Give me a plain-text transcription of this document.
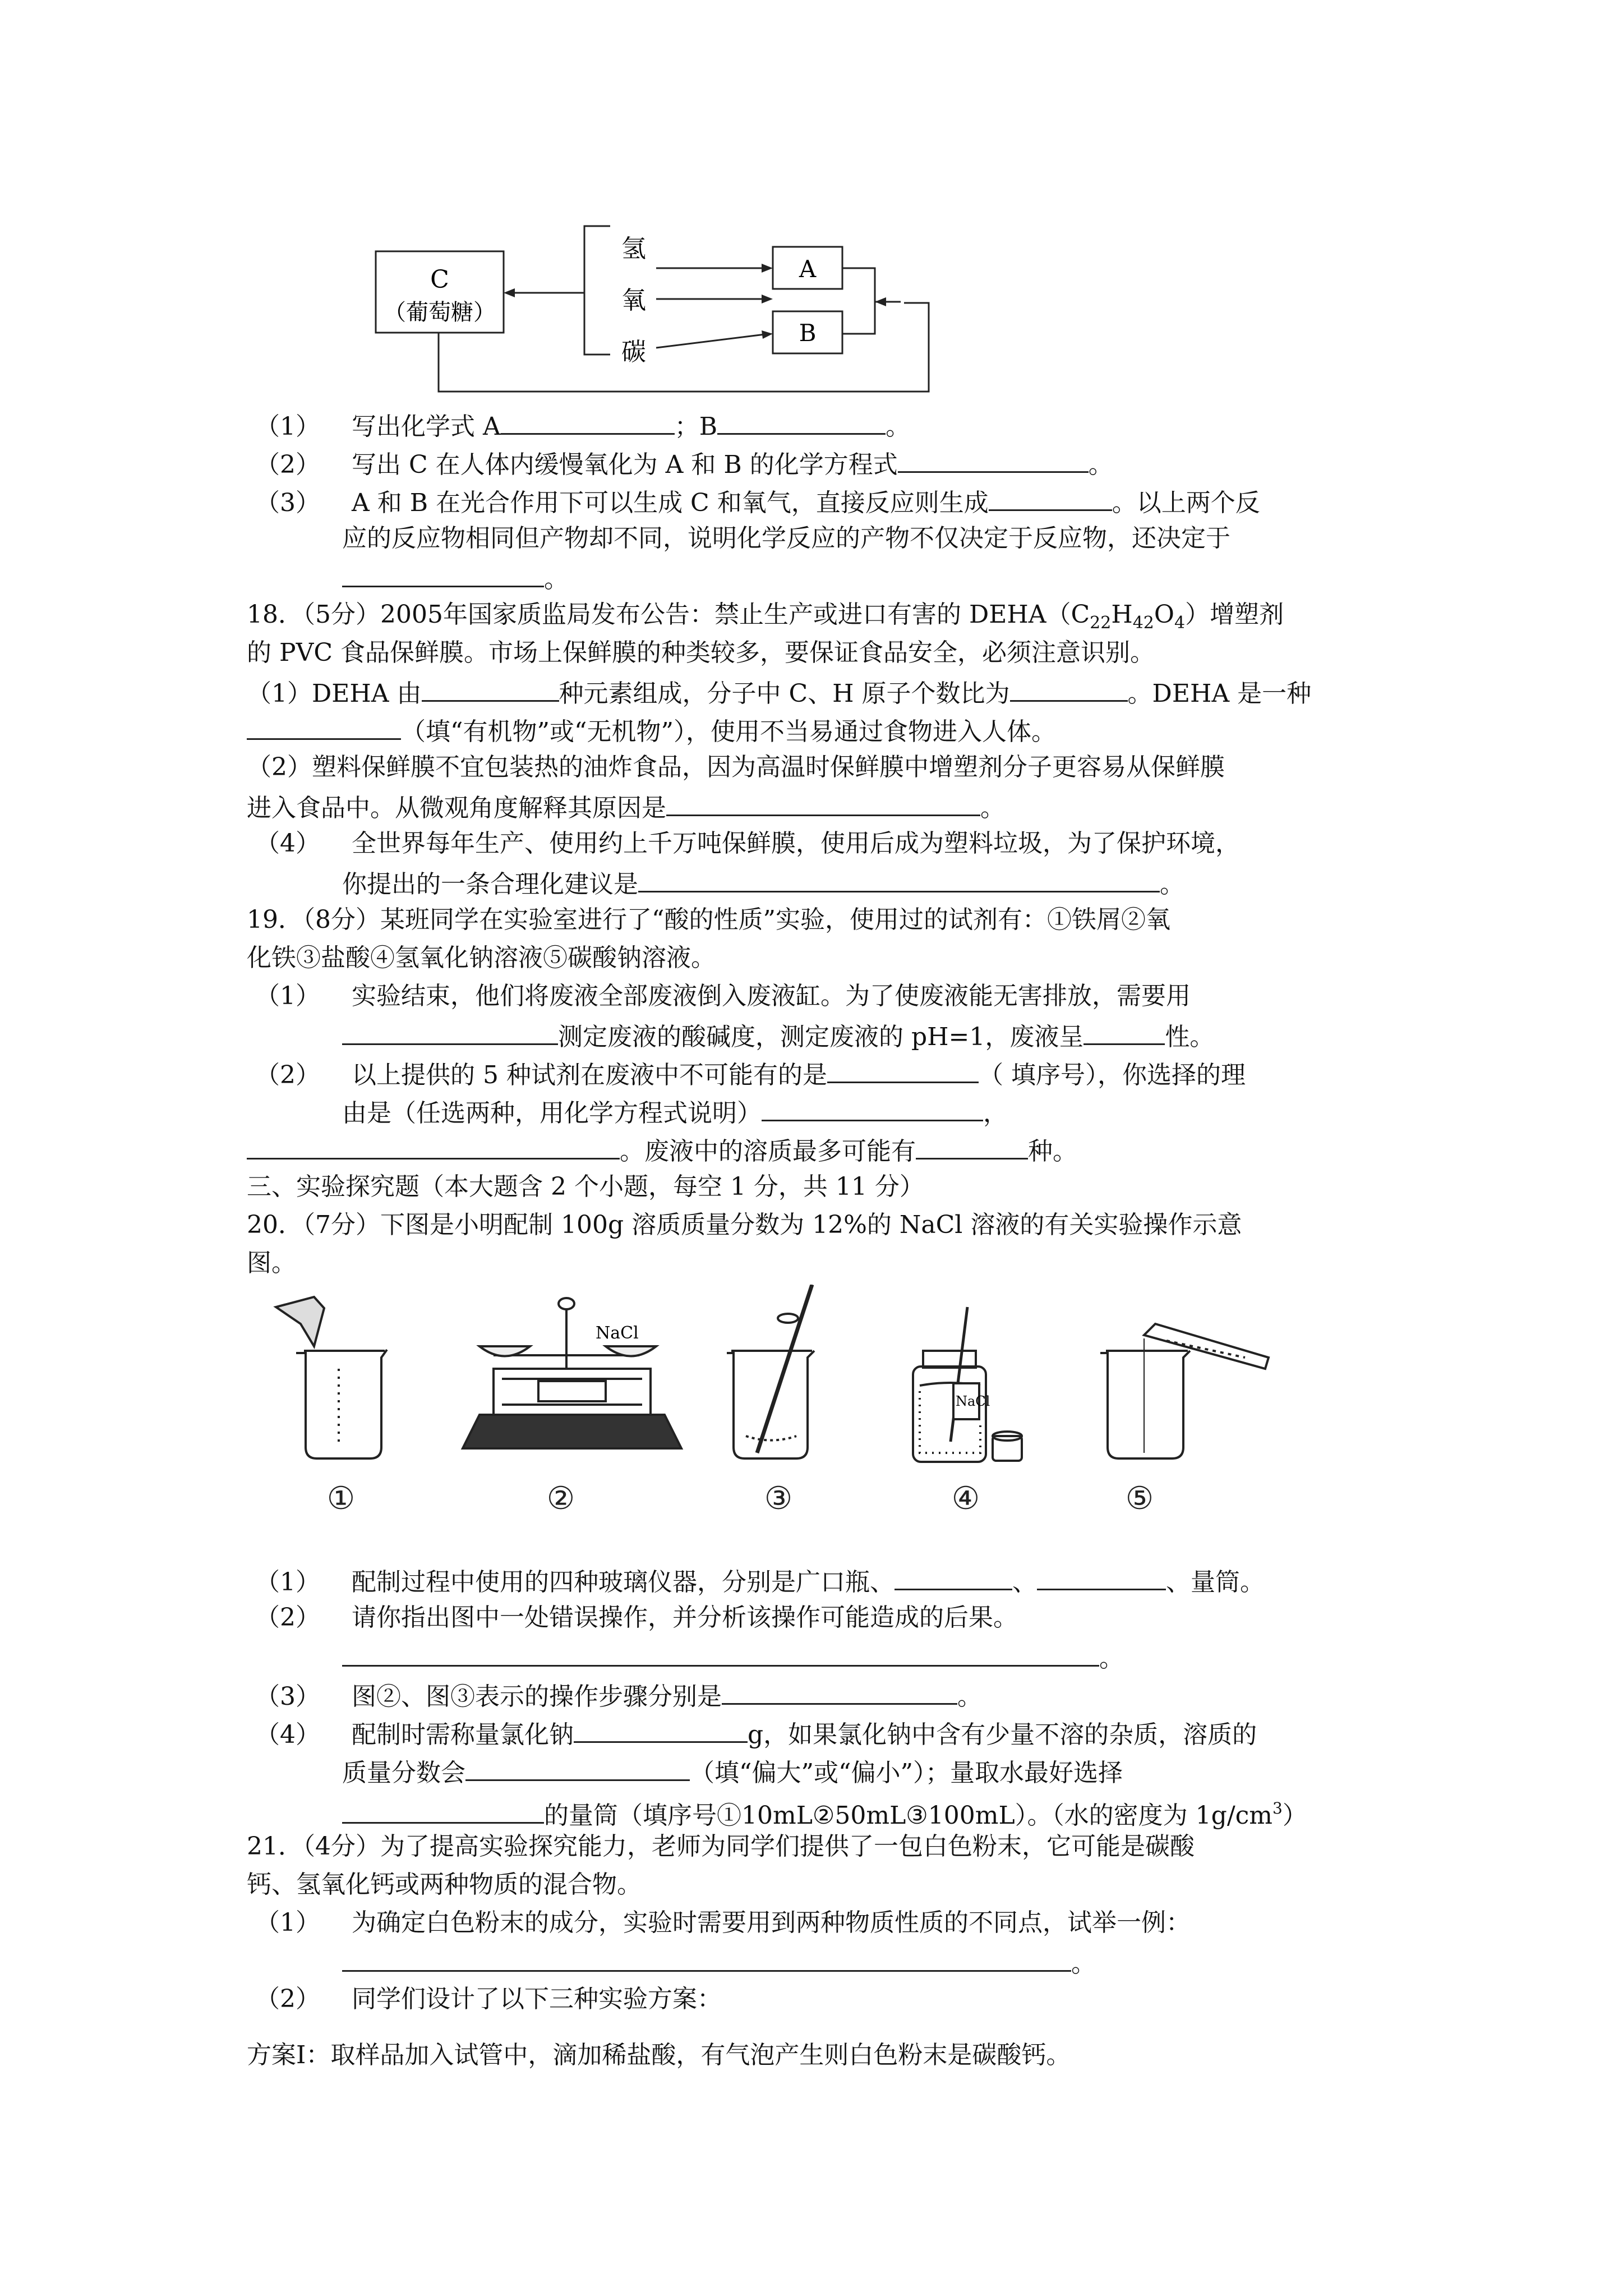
C
（葡萄糖）
氢
氧
碳
A
B
（1） 写出化学式 A	；B	。
（2） 写出 C 在人体内缓慢氧化为 A 和 B 的化学方程式	。
（3） A 和 B 在光合作用下可以生成 C 和氧气，直接反应则生成	。以上两个反
应的反应物相同但产物却不同，说明化学反应的产物不仅决定于反应物，还决定于
。
18．（5分）2005年国家质监局发布公告：禁止生产或进口有害的 $DEHA(C_{22}H_{42}O_4)$增塑剂
的 PVC 食品保鲜膜。市场上保鲜膜的种类较多，要保证食品安全，必须注意识别。
（1）DEHA 由	种元素组成，分子中 C、H 原子个数比为	。DEHA 是一种
（填“有机物”或“无机物”），使用不当易通过食物进入人体。
（2）塑料保鲜膜不宜包装热的油炸食品，因为高温时保鲜膜中增塑剂分子更容易从保鲜膜
进入食品中。从微观角度解释其原因是	。
（4） 全世界每年生产、使用约上千万吨保鲜膜，使用后成为塑料垃圾，为了保护环境，
你提出的一条合理化建议是	。
19．（8分）某班同学在实验室进行了“酸的性质”实验，使用过的试剂有：①铁屑②氧
化铁③盐酸④氢氧化钠溶液⑤碳酸钠溶液。
（1） 实验结束，他们将废液全部废液倒入废液缸。为了使废液能无害排放，需要用
测定废液的酸碱度，测定废液的 pH=1，废液呈	性。
（2） 以上提供的 5 种试剂在废液中不可能有的是	（ 填序号），你选择的理
由是（任选两种，用化学方程式说明）	，
。废液中的溶质最多可能有	种。
三、实验探究题（本大题含 2 个小题，每空 1 分，共 11 分）
20．（7分）下图是小明配制 100g 溶质质量分数为 12%的 NaCl 溶液的有关实验操作示意
图。
NaCl
NaCl
①	②	③	④	⑤
（1） 配制过程中使用的四种玻璃仪器，分别是广口瓶、	、	、量筒。
（2） 请你指出图中一处错误操作，并分析该操作可能造成的后果。
。
（3） 图②、图③表示的操作步骤分别是	。
（4） 配制时需称量氯化钠	g，如果氯化钠中含有少量不溶的杂质，溶质的
质量分数会	（填“偏大”或“偏小”）；量取水最好选择
的量筒（填序号①10mL②50mL③100mL）。（水的密度为 $1g/cm^3$）
21．（4分）为了提高实验探究能力，老师为同学们提供了一包白色粉末，它可能是碳酸
钙、氢氧化钙或两种物质的混合物。
（1） 为确定白色粉末的成分，实验时需要用到两种物质性质的不同点，试举一例：
。
（2） 同学们设计了以下三种实验方案：
方案Ⅰ：取样品加入试管中，滴加稀盐酸，有气泡产生则白色粉末是碳酸钙。
